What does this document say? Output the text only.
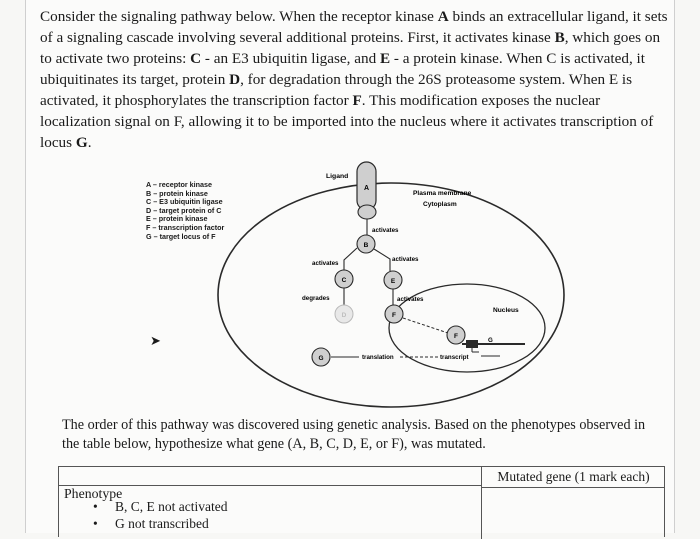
Consider the signaling pathway below. When the receptor kinase A binds an extracellular ligand, it sets of a signaling cascade involving several additional proteins. First, it activates kinase B, which goes on to activate two proteins: C - an E3 ubiquitin ligase, and E - a protein kinase. When C is activated, it ubiquitinates its target, protein D, for degradation through the 26S proteasome system. When E is activated, it phosphorylates the transcription factor F. This modification exposes the nuclear localization signal on F, allowing it to be imported into the nucleus where it activates transcription of locus G.

A – receptor kinase
B – protein kinase
C – E3 ubiquitin ligase
D – target protein of C
E – protein kinase
F – transcription factor
G – target locus of F
A
activates
B
activates
activates
C	E
degrades
D
activates
F
F
G
transcript
translation
G
Ligand
Plasma membrane
Cytoplasm
Nucleus
➤

The order of this pathway was discovered using genetic analysis. Based on the phenotypes observed in the table below, hypothesize what gene (A, B, C, D, E, or F), was mutated.

Mutated gene (1 mark each)
Phenotype
• B, C, E not activated
• G not transcribed
